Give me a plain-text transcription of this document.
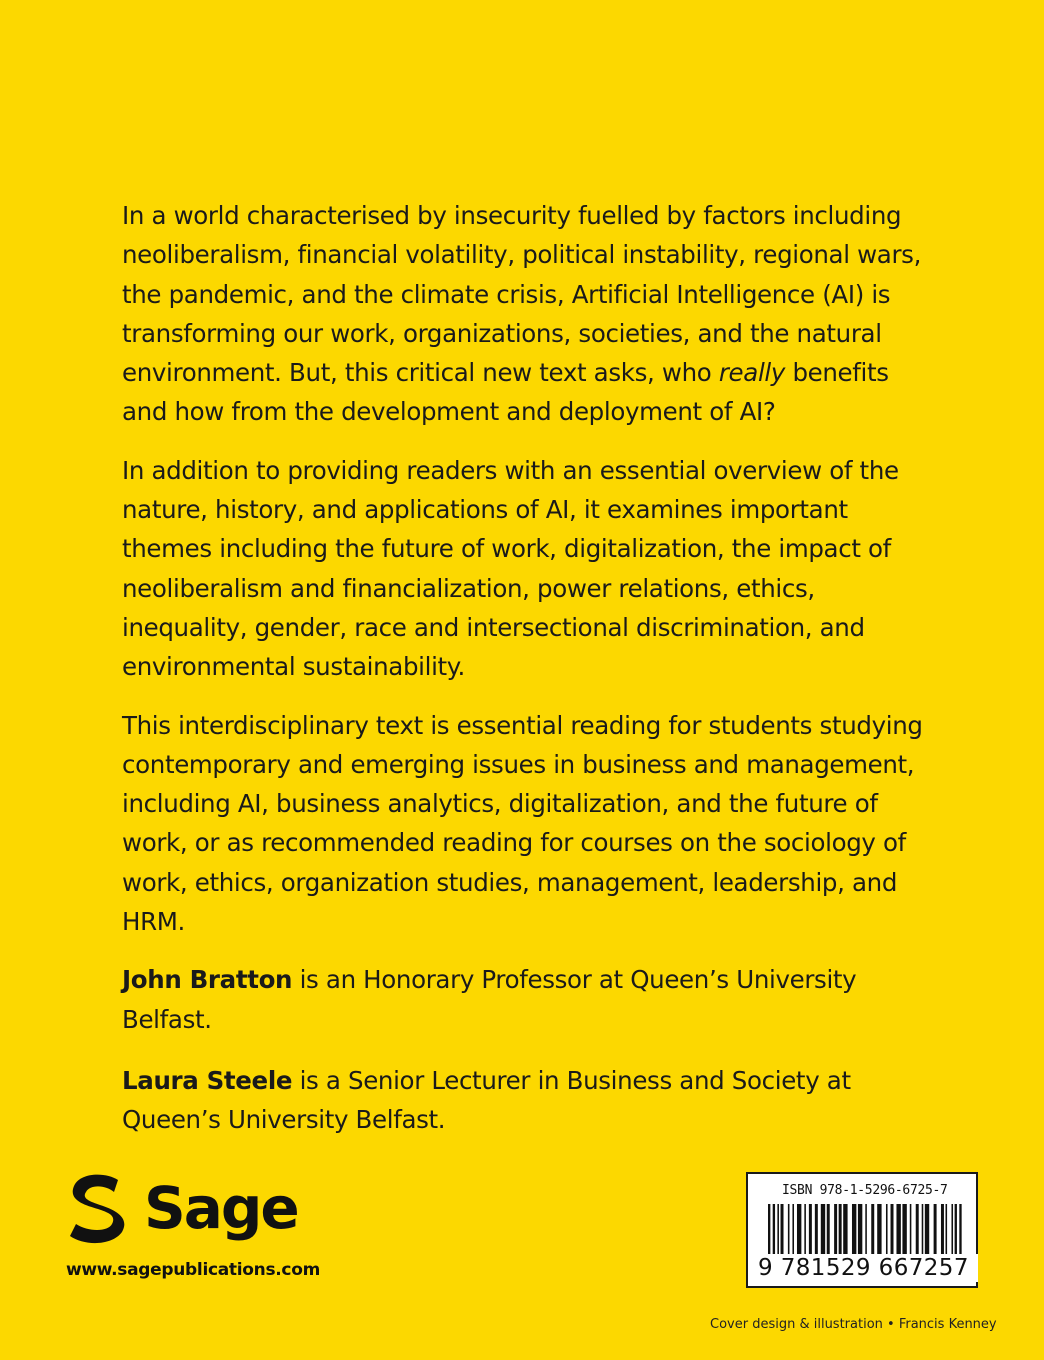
In a world characterised by insecurity fuelled by factors including neoliberalism, financial volatility, political instability, regional wars, the pandemic, and the climate crisis, Artificial Intelligence (AI) is transforming our work, organizations, societies, and the natural environment. But, this critical new text asks, who really benefits and how from the development and deployment of AI?

In addition to providing readers with an essential overview of the nature, history, and applications of AI, it examines important themes including the future of work, digitalization, the impact of neoliberalism and financialization, power relations, ethics, inequality, gender, race and intersectional discrimination, and environmental sustainability.

This interdisciplinary text is essential reading for students studying contemporary and emerging issues in business and management, including AI, business analytics, digitalization, and the future of work, or as recommended reading for courses on the sociology of work, ethics, organization studies, management, leadership, and HRM.

John Bratton is an Honorary Professor at Queen’s University Belfast.

Laura Steele is a Senior Lecturer in Business and Society at Queen’s University Belfast.

Sage
www.sagepublications.com
ISBN 978-1-5296-6725-7
9 781529 667257
Cover design & illustration • Francis Kenney
